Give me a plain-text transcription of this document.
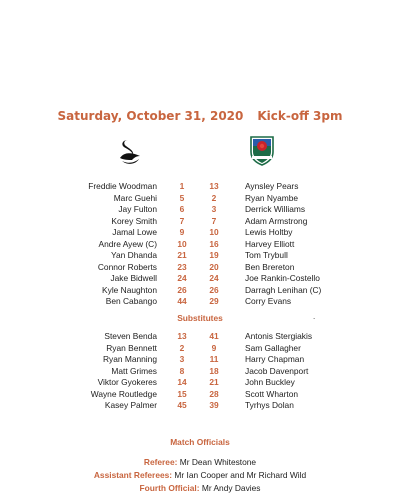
Saturday, October 31, 2020 Kick-off 3pm
Freddie Woodman	1	13	Aynsley Pears
Marc Guehi	5	2	Ryan Nyambe
Jay Fulton	6	3	Derrick Williams
Korey Smith	7	7	Adam Armstrong
Jamal Lowe	9	10	Lewis Holtby
Andre Ayew (C)	10	16	Harvey Elliott
Yan Dhanda	21	19	Tom Trybull
Connor Roberts	23	20	Ben Brereton
Jake Bidwell	24	24	Joe Rankin-Costello
Kyle Naughton	26	26	Darragh Lenihan (C)
Ben Cabango	44	29	Corry Evans
Substitutes	.
Steven Benda	13	41	Antonis Stergiakis
Ryan Bennett	2	9	Sam Gallagher
Ryan Manning	3	11	Harry Chapman
Matt Grimes	8	18	Jacob Davenport
Viktor Gyokeres	14	21	John Buckley
Wayne Routledge	15	28	Scott Wharton
Kasey Palmer	45	39	Tyrhys Dolan
Match Officials
Referee: Mr Dean Whitestone
Assistant Referees: Mr Ian Cooper and Mr Richard Wild
Fourth Official: Mr Andy Davies
